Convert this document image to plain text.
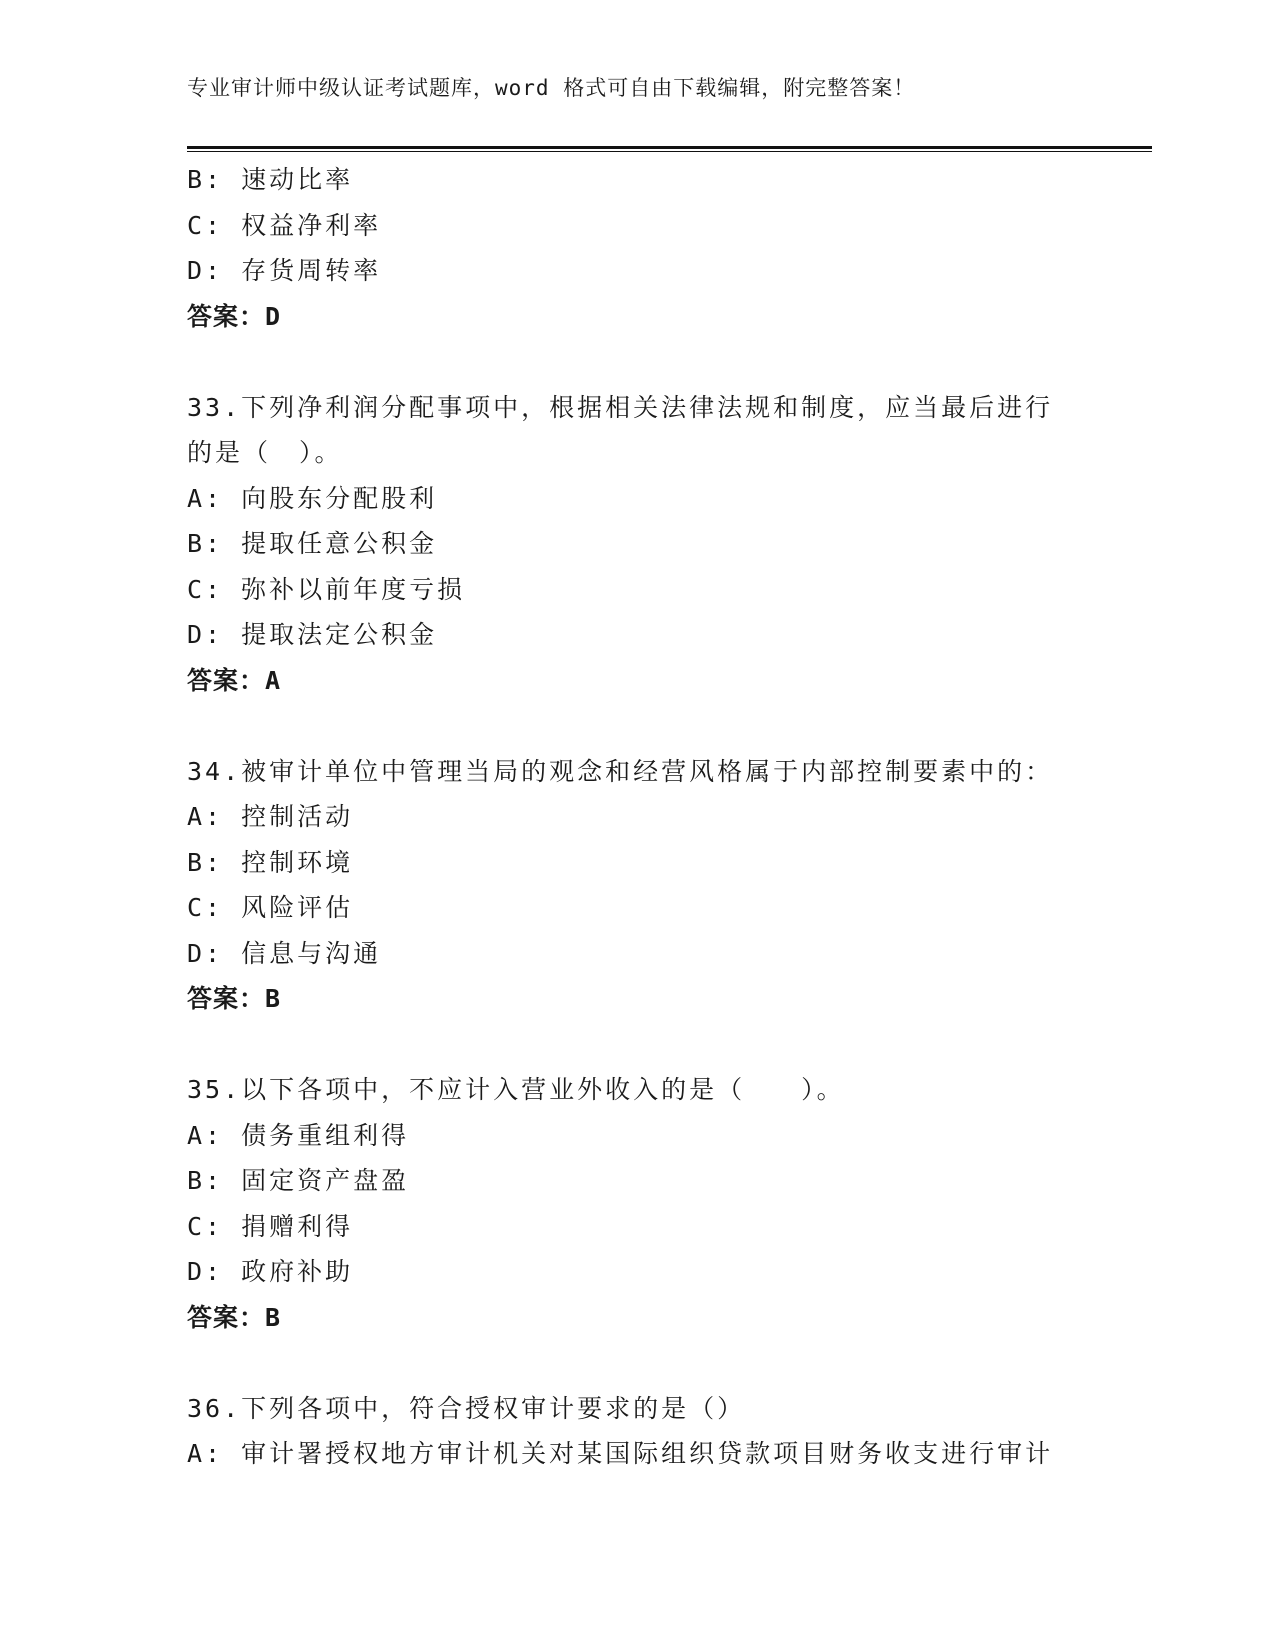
专业审计师中级认证考试题库，word 格式可自由下载编辑，附完整答案！
B: 速动比率
C: 权益净利率
D: 存货周转率
答案：D
33.下列净利润分配事项中，根据相关法律法规和制度，应当最后进行
的是（　）。
A: 向股东分配股利
B: 提取任意公积金
C: 弥补以前年度亏损
D: 提取法定公积金
答案：A
34.被审计单位中管理当局的观念和经营风格属于内部控制要素中的：
A: 控制活动
B: 控制环境
C: 风险评估
D: 信息与沟通
答案：B
35.以下各项中，不应计入营业外收入的是（　　）。
A: 债务重组利得
B: 固定资产盘盈
C: 捐赠利得
D: 政府补助
答案：B
36.下列各项中，符合授权审计要求的是（）
A: 审计署授权地方审计机关对某国际组织贷款项目财务收支进行审计
